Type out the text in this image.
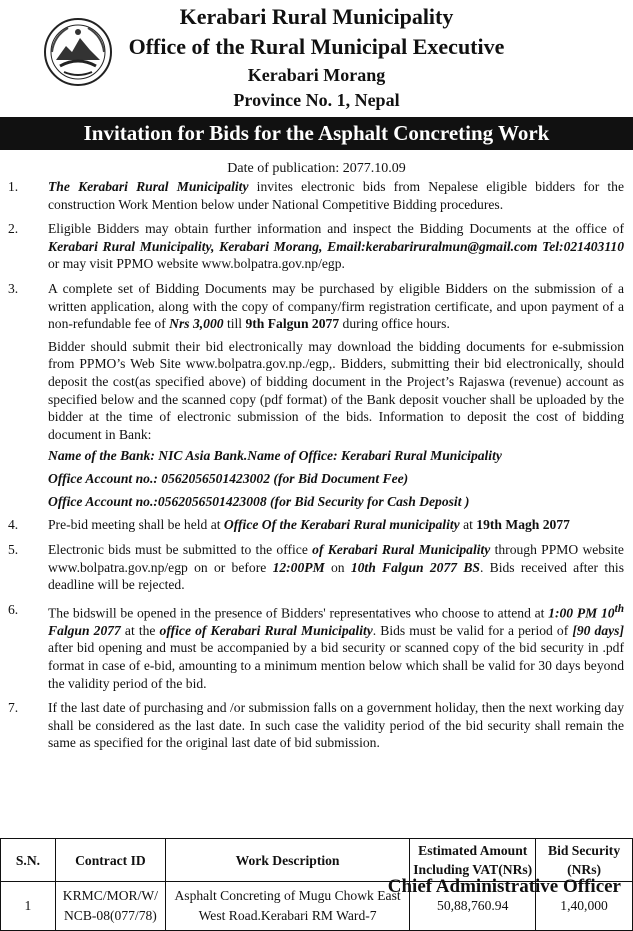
Kerabari Rural Municipality
Office of the Rural Municipal Executive
Kerabari Morang
Province No. 1, Nepal
Invitation for Bids for the Asphalt Concreting Work
Date of publication: 2077.10.09
1. The Kerabari Rural Municipality invites electronic bids from Nepalese eligible bidders for the construction Work Mention below under National Competitive Bidding procedures.
2. Eligible Bidders may obtain further information and inspect the Bidding Documents at the office of Kerabari Rural Municipality, Kerabari Morang, Email:kerabariruralmun@gmail.com Tel:021403110 or may visit PPMO website www.bolpatra.gov.np/egp.
3. A complete set of Bidding Documents may be purchased by eligible Bidders on the submission of a written application, along with the copy of company/firm registration certificate, and upon payment of a non-refundable fee of Nrs 3,000 till 9th Falgun 2077 during office hours.
Bidder should submit their bid electronically may download the bidding documents for e-submission from PPMO’s Web Site www.bolpatra.gov.np./egp,. Bidders, submitting their bid electronically, should deposit the cost(as specified above) of bidding document in the Project’s Rajaswa (revenue) account as specified below and the scanned copy (pdf format) of the Bank deposit voucher shall be uploaded by the bidder at the time of electronic submission of the bids. Information to deposit the cost of bidding document in Bank:
Name of the Bank: NIC Asia Bank.Name of Office: Kerabari Rural Municipality
Office Account no.: 0562056501423002 (for Bid Document Fee)
Office Account no.:0562056501423008 (for Bid Security for Cash Deposit )
4. Pre-bid meeting shall be held at Office Of the Kerabari Rural municipality at 19th Magh 2077
5. Electronic bids must be submitted to the office of Kerabari Rural Municipality through PPMO website www.bolpatra.gov.np/egp on or before 12:00PM on 10th Falgun 2077 BS. Bids received after this deadline will be rejected.
6. The bidswill be opened in the presence of Bidders' representatives who choose to attend at 1:00 PM 10th Falgun 2077 at the office of Kerabari Rural Municipality. Bids must be valid for a period of [90 days] after bid opening and must be accompanied by a bid security or scanned copy of the bid security in .pdf format in case of e-bid, amounting to a minimum mention below which shall be valid for 30 days beyond the validity period of the bid.
7. If the last date of purchasing and /or submission falls on a government holiday, then the next working day shall be considered as the last date. In such case the validity period of the bid security shall remain the same as specified for the original last date of bid submission.
S.N.	Contract ID	Work Description	Estimated Amount Including VAT(NRs)	Bid Security (NRs)
1	KRMC/MOR/W/ NCB-08(077/78)	Asphalt Concreting of Mugu Chowk East West Road.Kerabari RM Ward-7	50,88,760.94	1,40,000
Chief Administrative Officer
